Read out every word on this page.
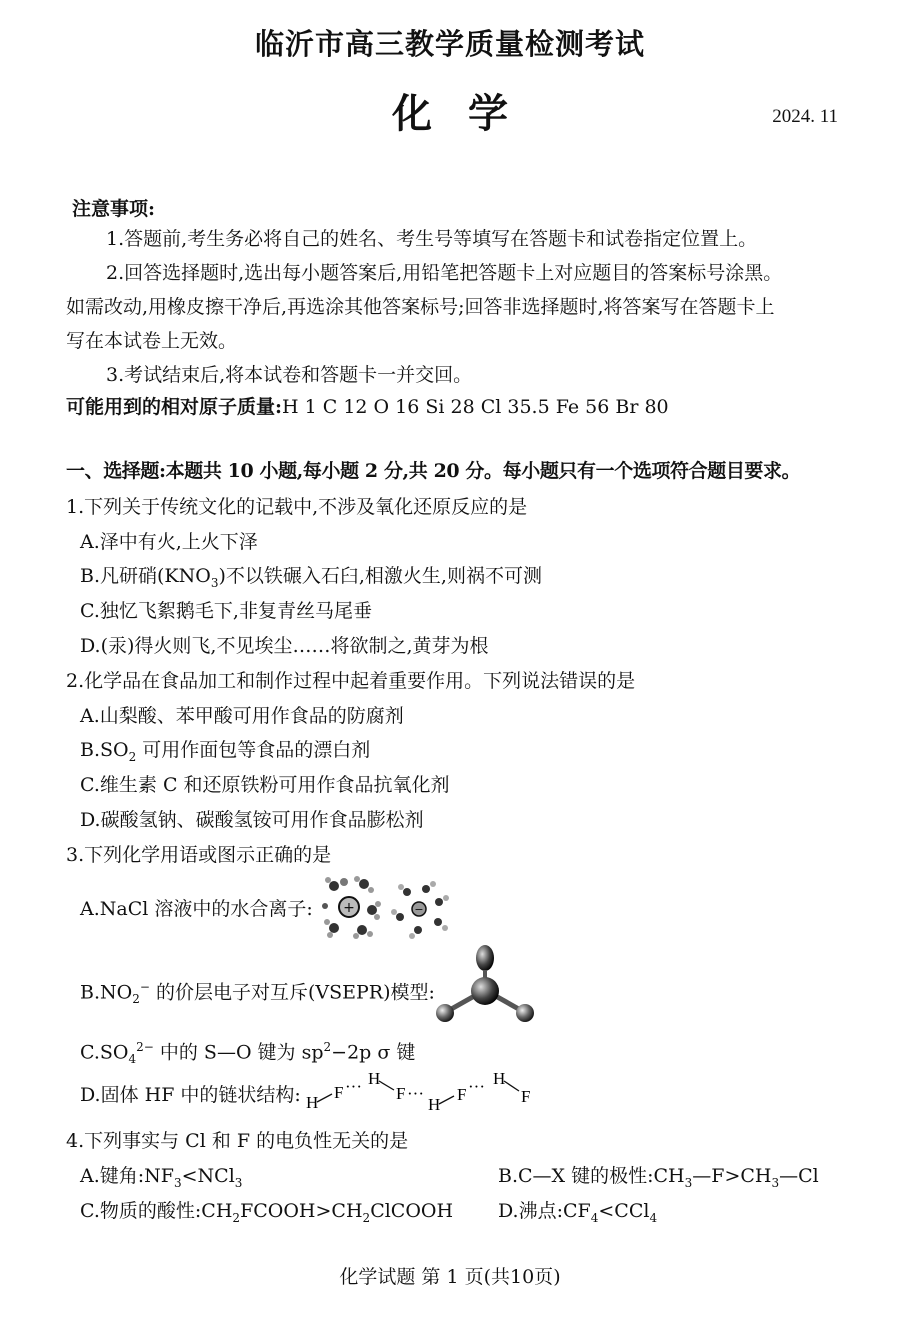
临沂市高三教学质量检测考试
化学	2024. 11
注意事项:
1.答题前,考生务必将自己的姓名、考生号等填写在答题卡和试卷指定位置上。
2.回答选择题时,选出每小题答案后,用铅笔把答题卡上对应题目的答案标号涂黑。
如需改动,用橡皮擦干净后,再选涂其他答案标号;回答非选择题时,将答案写在答题卡上
写在本试卷上无效。
3.考试结束后,将本试卷和答题卡一并交回。
可能用到的相对原子质量:H 1 C 12 O 16 Si 28 Cl 35.5 Fe 56 Br 80
一、选择题:本题共 10 小题,每小题 2 分,共 20 分。每小题只有一个选项符合题目要求。
1.下列关于传统文化的记载中,不涉及氧化还原反应的是
A.泽中有火,上火下泽
B.凡研硝$(KNO_3)$不以铁碾入石臼,相激火生,则祸不可测
C.独忆飞絮鹅毛下,非复青丝马尾垂
D.(汞)得火则飞,不见埃尘……将欲制之,黄芽为根
2.化学品在食品加工和制作过程中起着重要作用。下列说法错误的是
A.山梨酸、苯甲酸可用作食品的防腐剂
$B.SO_2$ 可用作面包等食品的漂白剂
C.维生素 C 和还原铁粉可用作食品抗氧化剂
D.碳酸氢钠、碳酸氢铵可用作食品膨松剂
3.下列化学用语或图示正确的是
A.NaCl 溶液中的水合离子: +	−
$B.NO_2^-$ 的价层电子对互斥(VSEPR)模型:
$C.SO_4^{2-}$ 中的 S—O 键为 $sp^2-2p$ σ 键
D.固体 HF 中的链状结构: H
F ··· H
F ···
H
F ··· H
F
4.下列事实与 Cl 和 F 的电负性无关的是
A.键角$:NF_3<NCl_3$	B.C—X 键的极性$:CH_3—F>CH_3—Cl$
C.物质的酸性$:CH_2FCOOH>CH_2ClCOOH$ D.沸点$:CF_4<CCl_4$
化学试题 第 1 页(共10页)
